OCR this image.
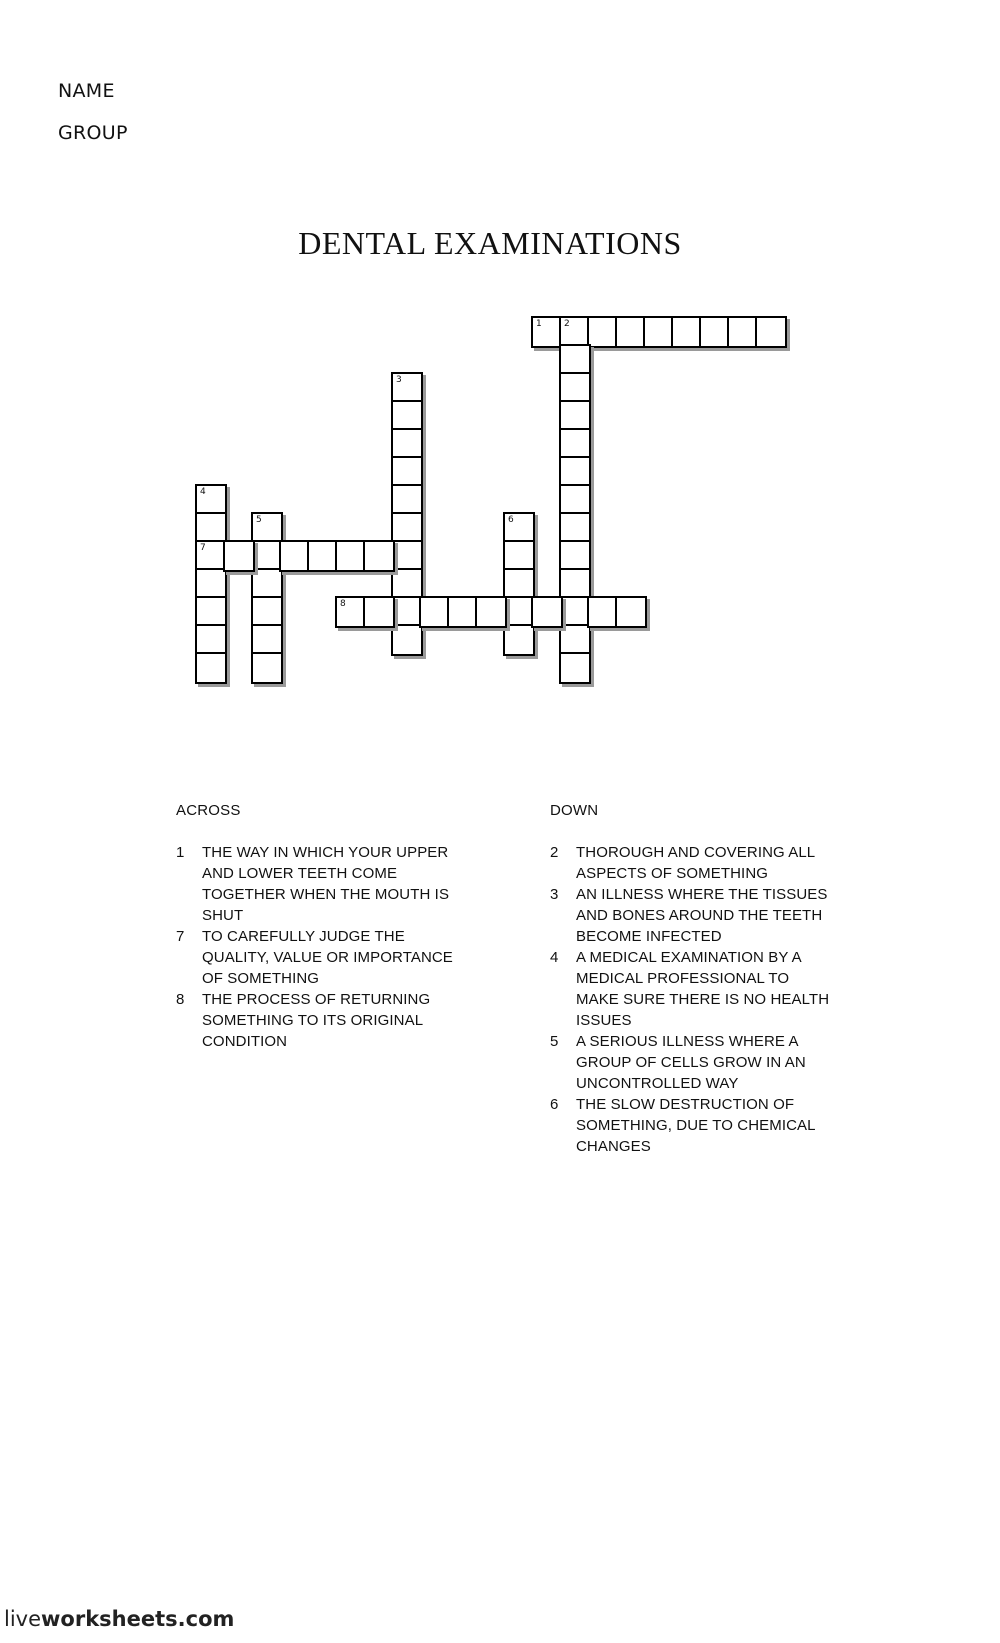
NAME
GROUP
DENTAL EXAMINATIONS
1 2
3
4
7
5	6
8
ACROSS	DOWN
1	THE WAY IN WHICH YOUR UPPER AND LOWER TEETH COME TOGETHER WHEN THE MOUTH IS SHUT
7	TO CAREFULLY JUDGE THE QUALITY, VALUE OR IMPORTANCE OF SOMETHING
8	THE PROCESS OF RETURNING SOMETHING TO ITS ORIGINAL CONDITION
2	THOROUGH AND COVERING ALL ASPECTS OF SOMETHING
3	AN ILLNESS WHERE THE TISSUES AND BONES AROUND THE TEETH BECOME INFECTED
4	A MEDICAL EXAMINATION BY A MEDICAL PROFESSIONAL TO MAKE SURE THERE IS NO HEALTH ISSUES
5	A SERIOUS ILLNESS WHERE A GROUP OF CELLS GROW IN AN UNCONTROLLED WAY
6	THE SLOW DESTRUCTION OF SOMETHING, DUE TO CHEMICAL CHANGES
liveworksheets.com
